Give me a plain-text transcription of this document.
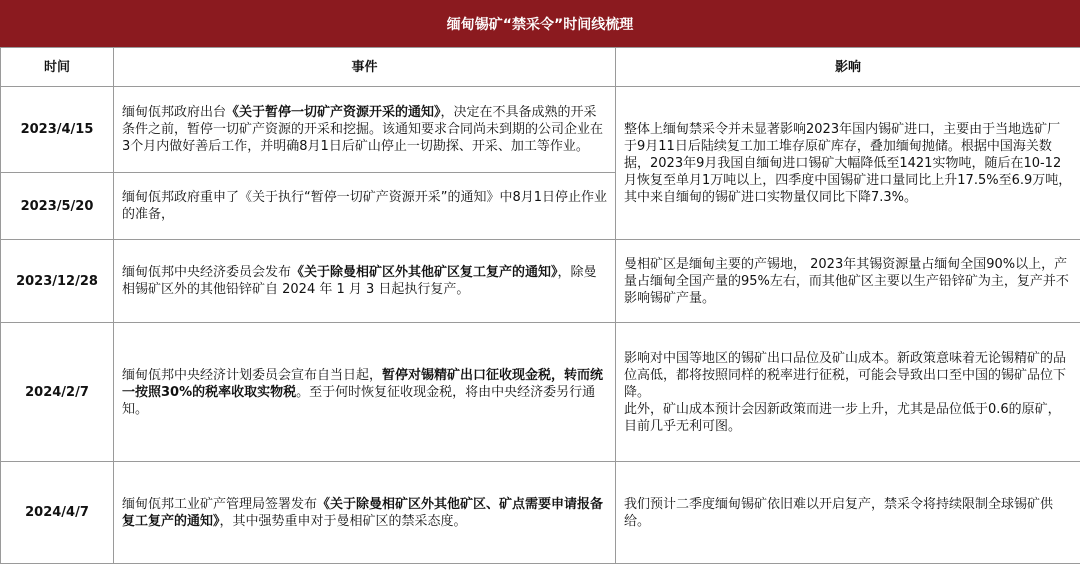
缅甸锡矿“禁采令”时间线梳理
时间	事件	影响
2023/4/15	缅甸佤邦政府出台《关于暂停一切矿产资源开采的通知》，决定在不具备成熟的开采条件之前，暂停一切矿产资源的开采和挖掘。该通知要求合同尚未到期的公司企业在3个月内做好善后工作，并明确8月1日后矿山停止一切勘探、开采、加工等作业。	整体上缅甸禁采令并未显著影响2023年国内锡矿进口，主要由于当地选矿厂于9月11日后陆续复工加工堆存原矿库存，叠加缅甸抛储。根据中国海关数据，2023年9月我国自缅甸进口锡矿大幅降低至1421实物吨，随后在10-12月恢复至单月1万吨以上，四季度中国锡矿进口量同比上升17.5%至6.9万吨，其中来自缅甸的锡矿进口实物量仅同比下降7.3%。
2023/5/20	缅甸佤邦政府重申了《关于执行“暂停一切矿产资源开采”的通知》中8月1日停止作业的准备，	
2023/12/28	缅甸佤邦中央经济委员会发布《关于除曼相矿区外其他矿区复工复产的通知》，除曼相锡矿区外的其他铅锌矿自 2024 年 1 月 3 日起执行复产。	曼相矿区是缅甸主要的产锡地， 2023年其锡资源量占缅甸全国90%以上，产量占缅甸全国产量的95%左右，而其他矿区主要以生产铅锌矿为主，复产并不影响锡矿产量。
2024/2/7	缅甸佤邦中央经济计划委员会宣布自当日起，暂停对锡精矿出口征收现金税，转而统一按照30%的税率收取实物税。至于何时恢复征收现金税，将由中央经济委另行通知。	影响对中国等地区的锡矿出口品位及矿山成本。新政策意味着无论锡精矿的品位高低，都将按照同样的税率进行征税，可能会导致出口至中国的锡矿品位下降。
此外，矿山成本预计会因新政策而进一步上升，尤其是品位低于0.6的原矿，目前几乎无利可图。

2024/4/7	缅甸佤邦工业矿产管理局签署发布《关于除曼相矿区外其他矿区、矿点需要申请报备复工复产的通知》，其中强势重申对于曼相矿区的禁采态度。	我们预计二季度缅甸锡矿依旧难以开启复产，禁采令将持续限制全球锡矿供给。
